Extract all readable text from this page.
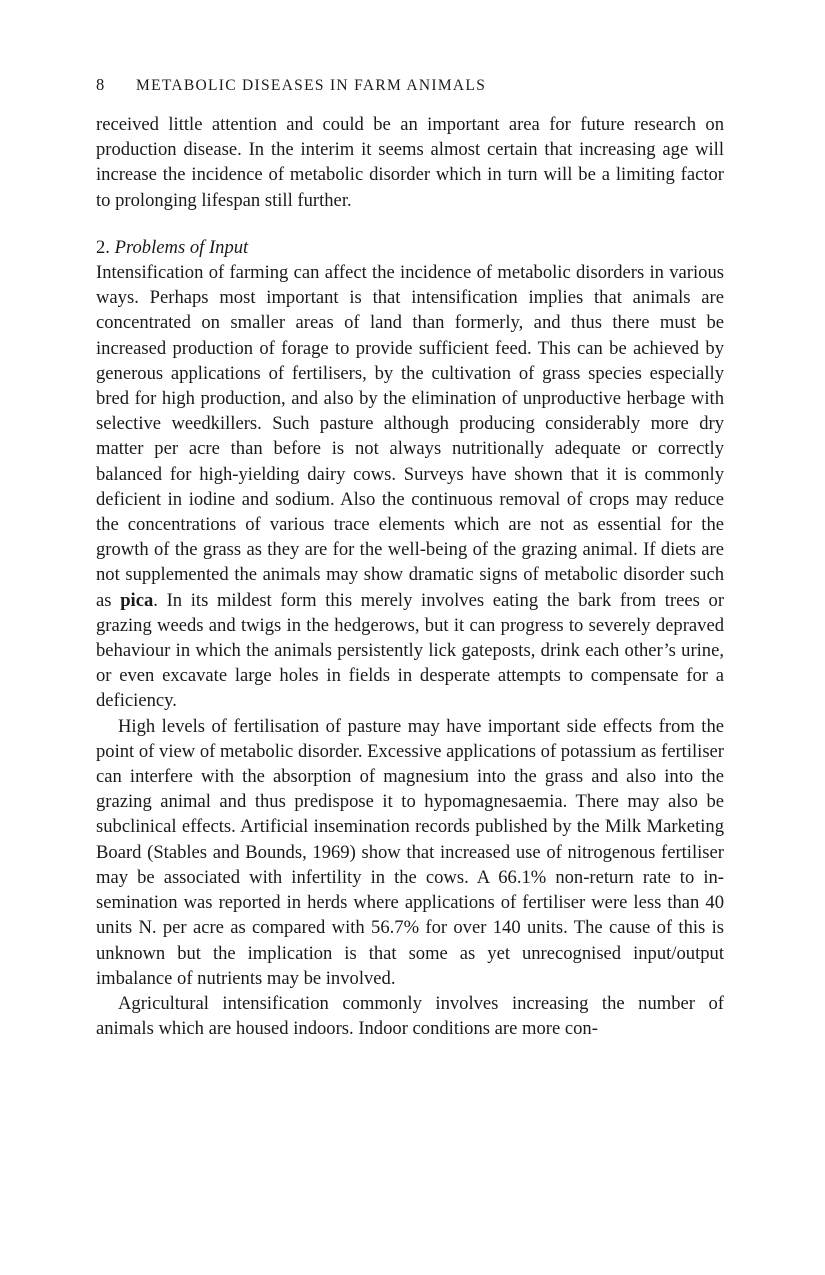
8 METABOLIC DISEASES IN FARM ANIMALS

received little attention and could be an important area for future research on production disease. In the interim it seems almost certain that increasing age will increase the incidence of metabolic disorder which in turn will be a limiting factor to prolonging lifespan still further.

2. Problems of Input

Intensification of farming can affect the incidence of metabolic disorders in various ways. Perhaps most important is that intensification implies that animals are concentrated on smaller areas of land than formerly, and thus there must be increased production of forage to provide sufficient feed. This can be achieved by generous applications of fertilisers, by the cultivation of grass species especially bred for high production, and also by the elimination of unproductive herbage with selective weedkillers. Such pasture although producing considerably more dry matter per acre than before is not always nutritionally adequate or correctly balanced for high-yielding dairy cows. Surveys have shown that it is commonly deficient in iodine and sodium. Also the continuous removal of crops may reduce the concentrations of various trace elements which are not as essential for the growth of the grass as they are for the well-being of the grazing animal. If diets are not supplemented the animals may show dramatic signs of metabolic disorder such as pica. In its mildest form this merely involves eating the bark from trees or grazing weeds and twigs in the hedgerows, but it can progress to severely depraved behaviour in which the animals persistently lick gateposts, drink each other’s urine, or even excavate large holes in fields in desperate attempts to compensate for a deficiency.

High levels of fertilisation of pasture may have important side effects from the point of view of metabolic disorder. Excessive applications of potassium as fertiliser can interfere with the absorption of magnesium into the grass and also into the grazing animal and thus predispose it to hypomagnesaemia. There may also be subclinical effects. Artificial insemination records published by the Milk Marketing Board (Stables and Bounds, 1969) show that increased use of nitrogenous fertiliser may be associated with infertility in the cows. A 66.1% non-return rate to insemination was reported in herds where applications of fertiliser were less than 40 units N. per acre as compared with 56.7% for over 140 units. The cause of this is unknown but the implication is that some as yet unrecognised input/output imbalance of nutrients may be involved.

Agricultural intensification commonly involves increasing the number of animals which are housed indoors. Indoor conditions are more con-
